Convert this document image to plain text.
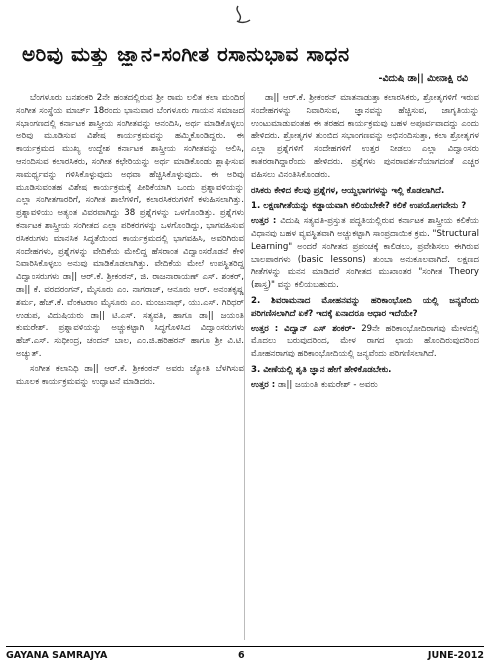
ಅರಿವು ಮತ್ತು ಜ್ಞಾನ-ಸಂಗೀತ ರಸಾನುಭಾವ ಸಾಧನ
-ವಿದುಷಿ ಡಾ|| ಮೀನಾಕ್ಷಿ ರವಿ

ಬೆಂಗಳೂರು ಬನಶಂಕರಿ 2ನೇ ಹಂತದಲ್ಲಿರುವ ಶ್ರೀ ರಾಮ ಲಲಿತ ಕಲಾ ಮಂದಿರ ಸಂಗೀತ ಸಂಸ್ಥೆಯ ಮಾರ್ಚ್ 18ರಂದು ಭಾನುವಾರ ಬೆಂಗಳೂರು ಗಾಯನ ಸಮಾಜದ ಸಭಾಂಗಣದಲ್ಲಿ ಕರ್ನಾಟಕ ಶಾಸ್ತ್ರೀಯ ಸಂಗೀತವನ್ನು ಆನಂದಿಸಿ, ಅರ್ಥ ಮಾಡಿಕೊಳ್ಳಲು ಅರಿವು ಮೂಡಿಸುವ ವಿಶೇಷ ಕಾರ್ಯಕ್ರಮವನ್ನು ಹಮ್ಮಿಕೊಂಡಿದ್ದರು. ಈ ಕಾರ್ಯಕ್ರಮದ ಮುಖ್ಯ ಉದ್ದೇಶ ಕರ್ನಾಟಕ ಶಾಸ್ತ್ರೀಯ ಸಂಗೀತವನ್ನು ಆಲಿಸಿ, ಆನಂದಿಸುವ ಕಲಾರಸಿಕರು, ಸಂಗೀತ ಕಛೇರಿಯನ್ನು ಅರ್ಥ ಮಾಡಿಕೊಂಡು ಶ್ಲಾಘಿಸುವ ಸಾಮರ್ಥ್ಯವನ್ನು ಗಳಿಸಿಕೊಳ್ಳುವುದು ಅಥವಾ ಹೆಚ್ಚಿಸಿಕೊಳ್ಳುವುದು. ಈ ಅರಿವು ಮೂಡಿಸುವಂತಹ ವಿಶೇಷ ಕಾರ್ಯಕ್ರಮಕ್ಕೆ ಪೀಠಿಕೆಯಾಗಿ ಒಂದು ಪ್ರಶ್ನಾವಳಿಯನ್ನು ಎಲ್ಲಾ ಸಂಗೀತಗಾರರಿಗೆ, ಸಂಗೀತ ಶಾಲೆಗಳಿಗೆ, ಕಲಾರಸಿಕರುಗಳಿಗೆ ಕಳುಹಿಸಲಾಗಿತ್ತು. ಪ್ರಶ್ನಾವಳಿಯು ಅತ್ಯಂತ ವಿವರವಾಗಿದ್ದು 38 ಪ್ರಶ್ನೆಗಳನ್ನು ಒಳಗೊಂಡಿತ್ತು. ಪ್ರಶ್ನೆಗಳು ಕರ್ನಾಟಕ ಶಾಸ್ತ್ರೀಯ ಸಂಗೀತದ ಎಲ್ಲಾ ಪರಿಕರಗಳನ್ನು ಒಳಗೊಂಡಿದ್ದು, ಭಾಗವಹಿಸುವ ರಸಿಕರುಗಳು ಮಾನಸಿಕ ಸಿದ್ಧತೆಯಿಂದ ಕಾರ್ಯಕ್ರಮದಲ್ಲಿ ಭಾಗವಹಿಸಿ, ಅವರಿಗಿರುವ ಸಂದೇಹಗಳು, ಪ್ರಶ್ನೆಗಳನ್ನು ವೇದಿಕೆಯ ಮೇಲಿದ್ದ ಹೆಸರಾಂತ ವಿದ್ವಾಂಸರೊಡನೆ ಕೇಳಿ ನಿವಾರಿಸಿಕೊಳ್ಳಲು ಅನುವು ಮಾಡಿಕೊಡಲಾಗಿತ್ತು. ವೇದಿಕೆಯ ಮೇಲೆ ಉಪಸ್ಥಿತರಿದ್ದ ವಿದ್ವಾಂಸರುಗಳು ಡಾ|| ಆರ್.ಕೆ. ಶ್ರೀಕಂಠನ್, ಜಿ. ರಾಜನಾರಾಯಣ್ ಎಸ್. ಶಂಕರ್, ಡಾ|| ಕೆ. ವರದರಂಗನ್, ಮೈಸೂರು ಎಂ. ನಾಗರಾಜ್, ಆನೂರು ಆರ್. ಅನಂತಕೃಷ್ಣ ಶರ್ಮ, ಹೆಚ್.ಕೆ. ವೆಂಕಟರಾಂ ಮೈಸೂರು ಎಂ. ಮಂಜುನಾಥ್, ಯು.ಎಸ್. ಗಿರಿಧರ್ ಉಡುಪ, ವಿದುಷಿಯರು ಡಾ|| ಟಿ.ಎಸ್. ಸತ್ಯವತಿ, ಹಾಗೂ ಡಾ|| ಜಯಂತಿ ಕುಮರೇಶ್. ಪ್ರಶ್ನಾವಳಿಯನ್ನು ಅಚ್ಚುಕಟ್ಟಾಗಿ ಸಿದ್ಧಗೊಳಿಸಿದ ವಿದ್ವಾಂಸರುಗಳು ಹೆಚ್.ಎಸ್. ಸುಧೀಂದ್ರ, ಚಂದನ್ ಬಾಲ, ಎಂ.ಜಿ.ಹರಿಹರನ್ ಹಾಗೂ ಶ್ರೀ ವಿ.ಟಿ. ಅಚ್ಯುತ್.

ಸಂಗೀತ ಕಲಾನಿಧಿ ಡಾ|| ಆರ್.ಕೆ. ಶ್ರೀಕಂಠನ್ ಅವರು ಜ್ಯೋತಿ ಬೆಳಗಿಸುವ ಮೂಲಕ ಕಾರ್ಯಕ್ರಮವನ್ನು ಉದ್ಘಾಟನೆ ಮಾಡಿದರು.

ಡಾ|| ಆರ್.ಕೆ. ಶ್ರೀಕಂಠನ್ ಮಾತನಾಡುತ್ತಾ ಕಲಾರಸಿಕರು, ಶ್ರೋತೃಗಳಿಗೆ ಇರುವ ಸಂದೇಹಗಳನ್ನು ನಿವಾರಿಸುವ, ಜ್ಞಾನವನ್ನು ಹೆಚ್ಚಿಸುವ, ಜಾಗೃತಿಯನ್ನು ಉಂಟುಮಾಡುವಂತಹ ಈ ತರಹದ ಕಾರ್ಯಕ್ರಮವು ಬಹಳ ಅಪೂರ್ವವಾದದ್ದು ಎಂದು ಹೇಳಿದರು. ಶ್ರೋತೃಗಳ ತುಂಬಿದ ಸಭಾಂಗಣವನ್ನು ಅಭಿನಂದಿಸುತ್ತಾ, ಕಲಾ ಶ್ರೋತೃಗಳ ಎಲ್ಲಾ ಪ್ರಶ್ನೆಗಳಿಗೆ ಸಂದೇಹಗಳಿಗೆ ಉತ್ತರ ನೀಡಲು ಎಲ್ಲಾ ವಿದ್ವಾಂಸರು ಕಾತರರಾಗಿದ್ದಾರೆಂದು ಹೇಳಿದರು. ಪ್ರಶ್ನೆಗಳು ಪುನರಾವರ್ತನೆಯಾಗದಂತೆ ಎಚ್ಚರ ವಹಿಸಲು ವಿನಂತಿಸಿಕೊಂಡರು.

ರಸಿಕರು ಕೇಳಿದ ಕೆಲವು ಪ್ರಶ್ನೆಗಳ, ಆಯ್ದಭಾಗಗಳನ್ನು ಇಲ್ಲಿ ಕೊಡಲಾಗಿದೆ.

1. ಲಕ್ಷಣಗೀತೆಯನ್ನು ಕಡ್ಡಾಯವಾಗಿ ಕಲಿಯಬೇಕೇ? ಕಲಿಕೆ ಉಪಯೋಗವೇನು ?

ಉತ್ತರ : ವಿದುಷಿ ಸತ್ಯವತಿ-ಪ್ರಸ್ತುತ ಪದ್ಧತಿಯಲ್ಲಿರುವ ಕರ್ನಾಟಕ ಶಾಸ್ತ್ರೀಯ ಕಲಿಕೆಯ ವಿಧಾನವು ಬಹಳ ವ್ಯವಸ್ಥಿತವಾಗಿ ಅಚ್ಚುಕಟ್ಟಾಗಿ ಸಾಂಪ್ರದಾಯಿಕ ಕ್ರಮ. "Structural Learning" ಅಂದರೆ ಸಂಗೀತದ ಪ್ರಪಂಚಕ್ಕೆ ಕಾಲಿಡಲು, ಪ್ರವೇಶಿಸಲು ಈಗಿರುವ ಬಾಲಪಾಠಗಳು (basic lessons) ತುಂಬಾ ಅನುಕೂಲವಾಗಿದೆ. ಲಕ್ಷಣದ ಗೀತೆಗಳನ್ನು ಮನನ ಮಾಡಿದರೆ ಸಂಗೀತದ ಮುಖಾಂತರ "ಸಂಗೀತ Theory (ಶಾಸ್ತ್ರ)" ವನ್ನು ಕಲಿಯಬಹುದು.

2. ಶಿವರಾಮನಾದ ಮೋಹನವನ್ನು ಹರಿಕಾಂಭೋದಿ ಯಲ್ಲಿ ಜನ್ಯವೆಂದು ಪರಿಗಣಿಸಲಾಗಿದೆ ಏಕೆ? ಇದಕ್ಕೆ ಏನಾದರೂ ಆಧಾರ ಇದೆಯೇ?

ಉತ್ತರ : ವಿದ್ವಾನ್ ಎಸ್ ಶಂಕರ್- 29ನೇ ಹರಿಕಾಂಭೋದಿರಾಗವು ಮೇಳದಲ್ಲಿ ಮೊದಲು ಬರುವುದರಿಂದ, ಮೇಳ ರಾಗದ ಛಾಯ ಹೊಂದಿರುವುದರಿಂದ ಮೋಹನರಾಗವು ಹರಿಕಾಂಭೋದಿಯಲ್ಲಿ ಜನ್ಯವೆಂದು ಪರಿಗಣಿಸಲಾಗಿದೆ.

3. ವೀಣೆಯಲ್ಲಿ ಶೃತಿ ಜ್ಞಾನ ಹೇಗೆ ಹೇಳಿಕೊಡಬೇಕು.

ಉತ್ತರ : ಡಾ|| ಜಯಂತಿ ಕುಮರೇಶ್ - ಅವರು

GAYANA SAMRAJYA	6	JUNE-2012
